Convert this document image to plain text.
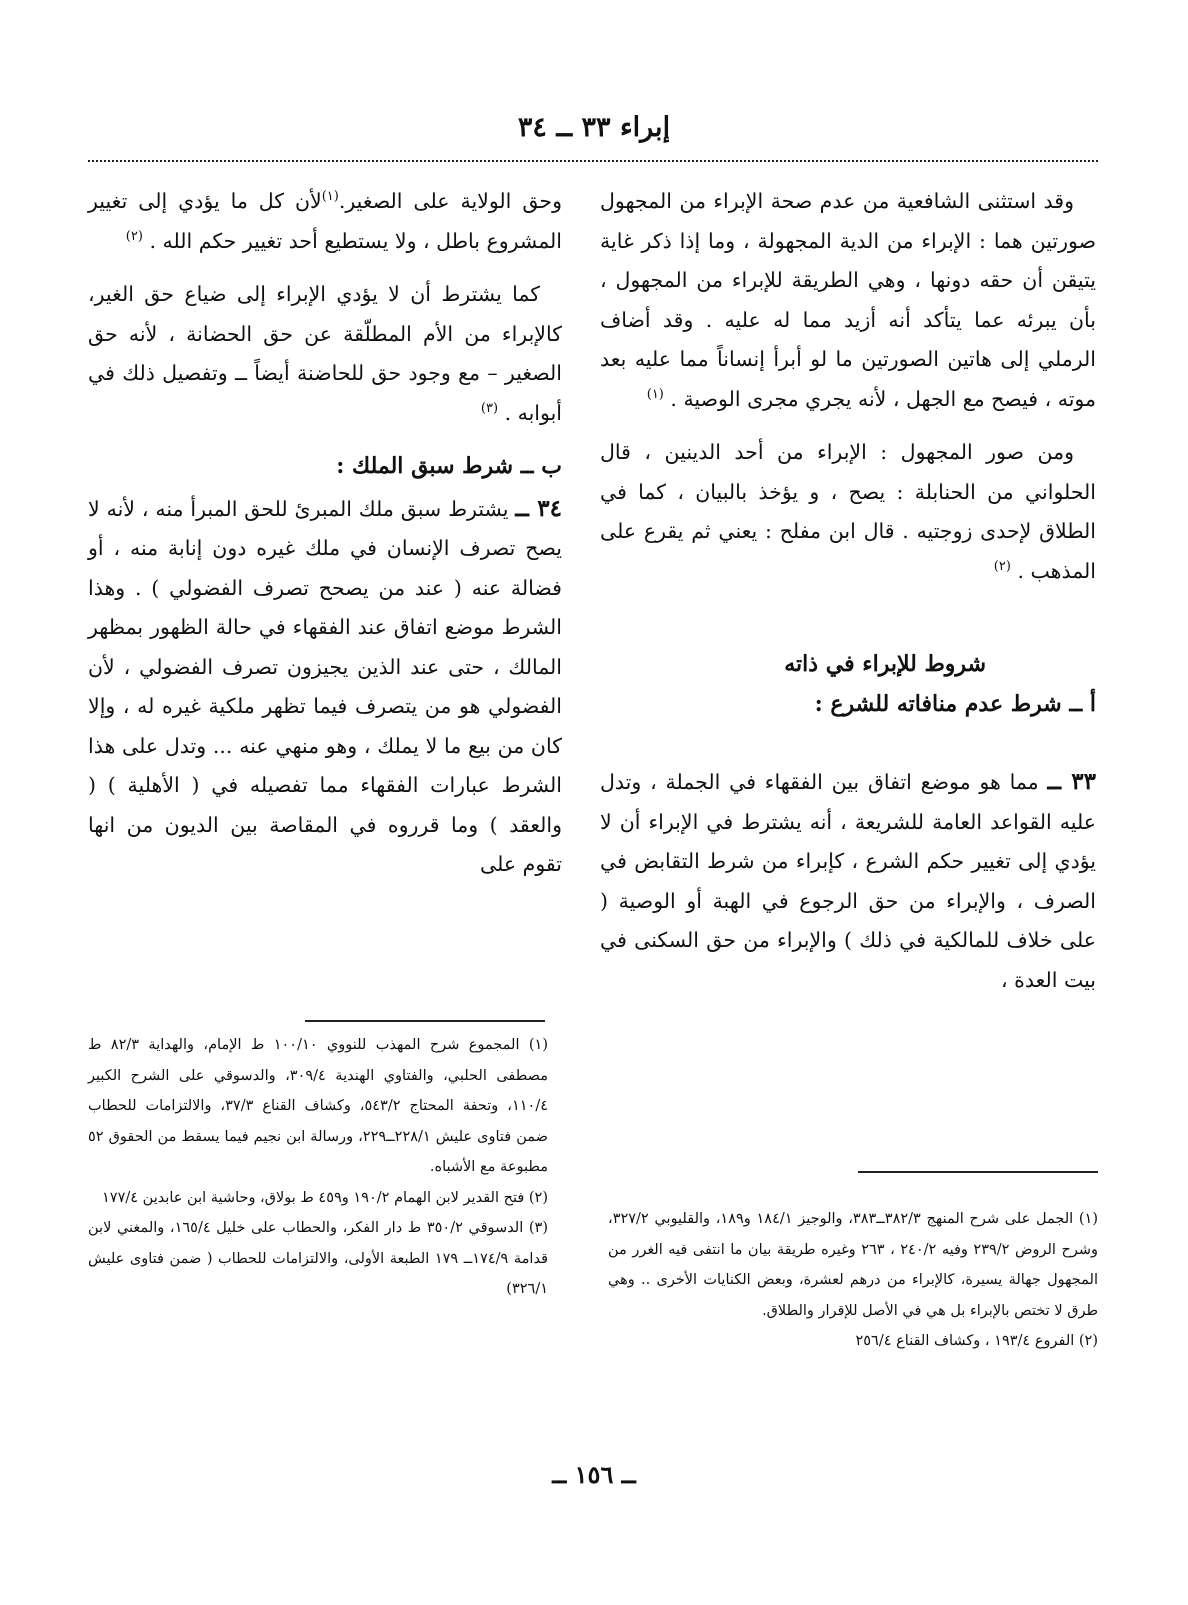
إبراء ٣٣ ــ ٣٤

وقد استثنى الشافعية من عدم صحة الإبراء من المجهول صورتين هما : الإبراء من الدية المجهولة ، وما إذا ذكر غاية يتيقن أن حقه دونها ، وهي الطريقة للإبراء من المجهول ، بأن يبرئه عما يتأكد أنه أزيد مما له عليه . وقد أضاف الرملي إلى هاتين الصورتين ما لو أبرأ إنساناً مما عليه بعد موته ، فيصح مع الجهل ، لأنه يجري مجرى الوصية . $^{(١)}$

ومن صور المجهول : الإبراء من أحد الدينين ، قال الحلواني من الحنابلة : يصح ، و يؤخذ بالبيان ، كما في الطلاق لإحدى زوجتيه . قال ابن مفلح : يعني ثم يقرع على المذهب . $^{(٢)}$

شروط للإبراء في ذاته

أ ــ شرط عدم منافاته للشرع :

٣٣ ــ مما هو موضع اتفاق بين الفقهاء في الجملة ، وتدل عليه القواعد العامة للشريعة ، أنه يشترط في الإبراء أن لا يؤدي إلى تغيير حكم الشرع ، كإبراء من شرط التقابض في الصرف ، والإبراء من حق الرجوع في الهبة أو الوصية ( على خلاف للمالكية في ذلك ) والإبراء من حق السكنى في بيت العدة ،

وحق الولاية على الصغير.$^{(١)}$لأن كل ما يؤدي إلى تغيير المشروع باطل ، ولا يستطيع أحد تغيير حكم الله . $^{(٢)}$

كما يشترط أن لا يؤدي الإبراء إلى ضياع حق الغير، كالإبراء من الأم المطلّقة عن حق الحضانة ، لأنه حق الصغير – مع وجود حق للحاضنة أيضاً ــ وتفصيل ذلك في أبوابه . $^{(٣)}$

ب ــ شرط سبق الملك :

٣٤ ــ يشترط سبق ملك المبرئ للحق المبرأ منه ، لأنه لا يصح تصرف الإنسان في ملك غيره دون إنابة منه ، أو فضالة عنه ( عند من يصحح تصرف الفضولي ) . وهذا الشرط موضع اتفاق عند الفقهاء في حالة الظهور بمظهر المالك ، حتى عند الذين يجيزون تصرف الفضولي ، لأن الفضولي هو من يتصرف فيما تظهر ملكية غيره له ، وإلا كان من بيع ما لا يملك ، وهو منهي عنه ... وتدل على هذا الشرط عبارات الفقهاء مما تفصيله في ( الأهلية ) ( والعقد ) وما قرروه في المقاصة بين الديون من انها تقوم على

(١) المجموع شرح المهذب للنووي ١٠٠/١٠ ط الإمام، والهداية ٨٢/٣ ط مصطفى الحلبي، والفتاوي الهندية ٣٠٩/٤، والدسوقي على الشرح الكبير ١١٠/٤، وتحفة المحتاج ٥٤٣/٢، وكشاف القناع ٣٧/٣، والالتزامات للحطاب ضمن فتاوى عليش ٢٢٨/١ــ٢٢٩، ورسالة ابن نجيم فيما يسقط من الحقوق ٥٢ مطبوعة مع الأشباه.

(٢) فتح القدير لابن الهمام ١٩٠/٢ و٤٥٩ ط بولاق، وحاشية ابن عابدين ١٧٧/٤

(٣) الدسوقي ٣٥٠/٢ ط دار الفكر، والحطاب على خليل ١٦٥/٤، والمغني لابن قدامة ١٧٤/٩ــ ١٧٩ الطبعة الأولى، والالتزامات للحطاب ( ضمن فتاوى عليش ٣٢٦/١)

(١) الجمل على شرح المنهج ٣٨٢/٣ــ٣٨٣، والوجيز ١٨٤/١ و١٨٩، والقليوبي ٣٢٧/٢، وشرح الروض ٢٣٩/٢ وفيه ٢٤٠/٢ ، ٢٦٣ وغيره طريقة بيان ما انتفى فيه الغرر من المجهول جهالة يسيرة، كالإبراء من درهم لعشرة، وبعض الكنايات الأخرى .. وهي طرق لا تختص بالإبراء بل هي في الأصل للإقرار والطلاق.

(٢) الفروع ١٩٣/٤ ، وكشاف القناع ٢٥٦/٤

ــ ١٥٦ ــ
